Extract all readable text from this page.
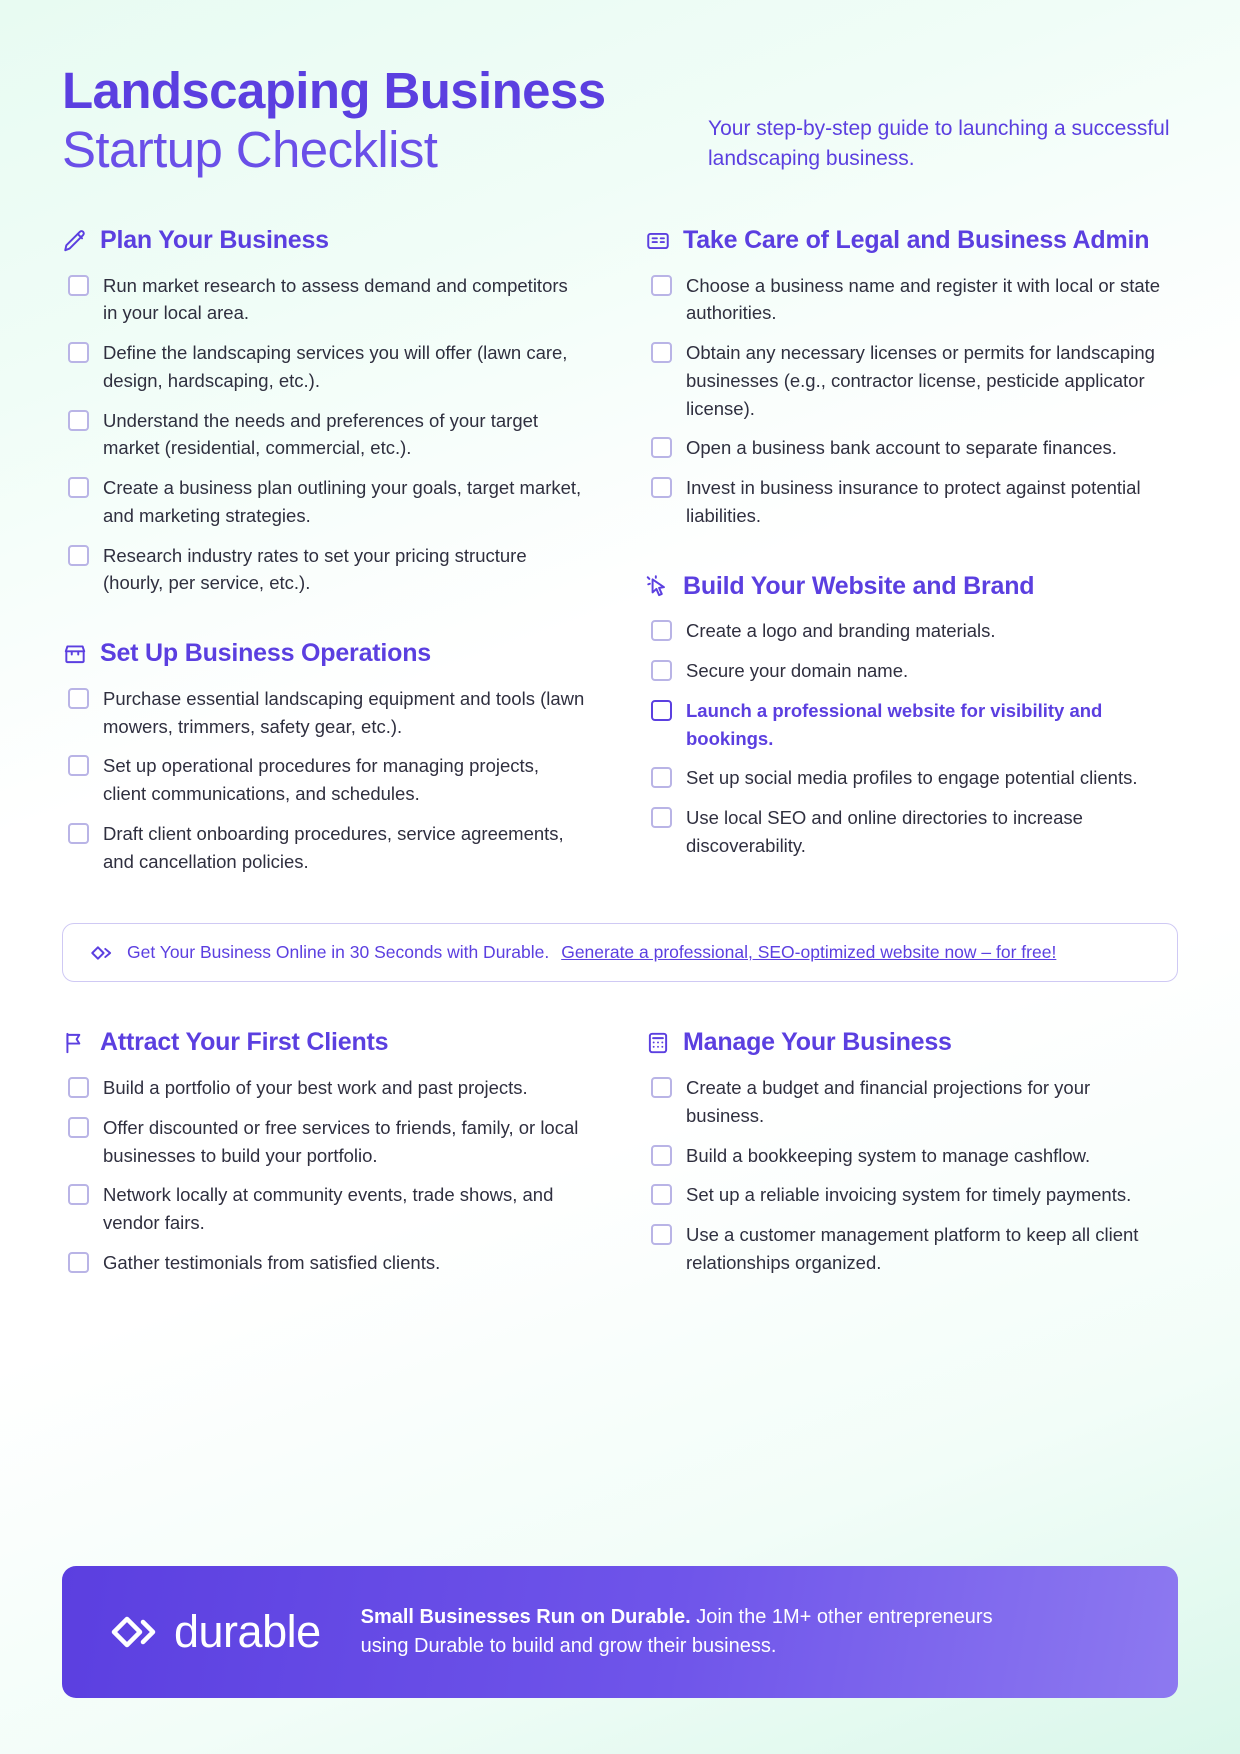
Landscaping Business
Startup Checklist	Your step-by-step guide to launching a successful landscaping business.
Plan Your Business
Run market research to assess demand and competitors in your local area.
Define the landscaping services you will offer (lawn care, design, hardscaping, etc.).
Understand the needs and preferences of your target market (residential, commercial, etc.).
Create a business plan outlining your goals, target market, and marketing strategies.
Research industry rates to set your pricing structure (hourly, per service, etc.).
Set Up Business Operations
Purchase essential landscaping equipment and tools (lawn mowers, trimmers, safety gear, etc.).
Set up operational procedures for managing projects, client communications, and schedules.
Draft client onboarding procedures, service agreements, and cancellation policies.
Take Care of Legal and Business Admin
Choose a business name and register it with local or state authorities.
Obtain any necessary licenses or permits for landscaping businesses (e.g., contractor license, pesticide applicator license).
Open a business bank account to separate finances.
Invest in business insurance to protect against potential liabilities.
Build Your Website and Brand
Create a logo and branding materials.
Secure your domain name.
Launch a professional website for visibility and bookings.
Set up social media profiles to engage potential clients.
Use local SEO and online directories to increase discoverability.
Get Your Business Online in 30 Seconds with Durable. Generate a professional, SEO-optimized website now – for free!
Attract Your First Clients
Build a portfolio of your best work and past projects.
Offer discounted or free services to friends, family, or local businesses to build your portfolio.
Network locally at community events, trade shows, and vendor fairs.
Gather testimonials from satisfied clients.
Manage Your Business
Create a budget and financial projections for your business.
Build a bookkeeping system to manage cashflow.
Set up a reliable invoicing system for timely payments.
Use a customer management platform to keep all client relationships organized.
durable Small Businesses Run on Durable. Join the 1M+ other entrepreneurs using Durable to build and grow their business.
